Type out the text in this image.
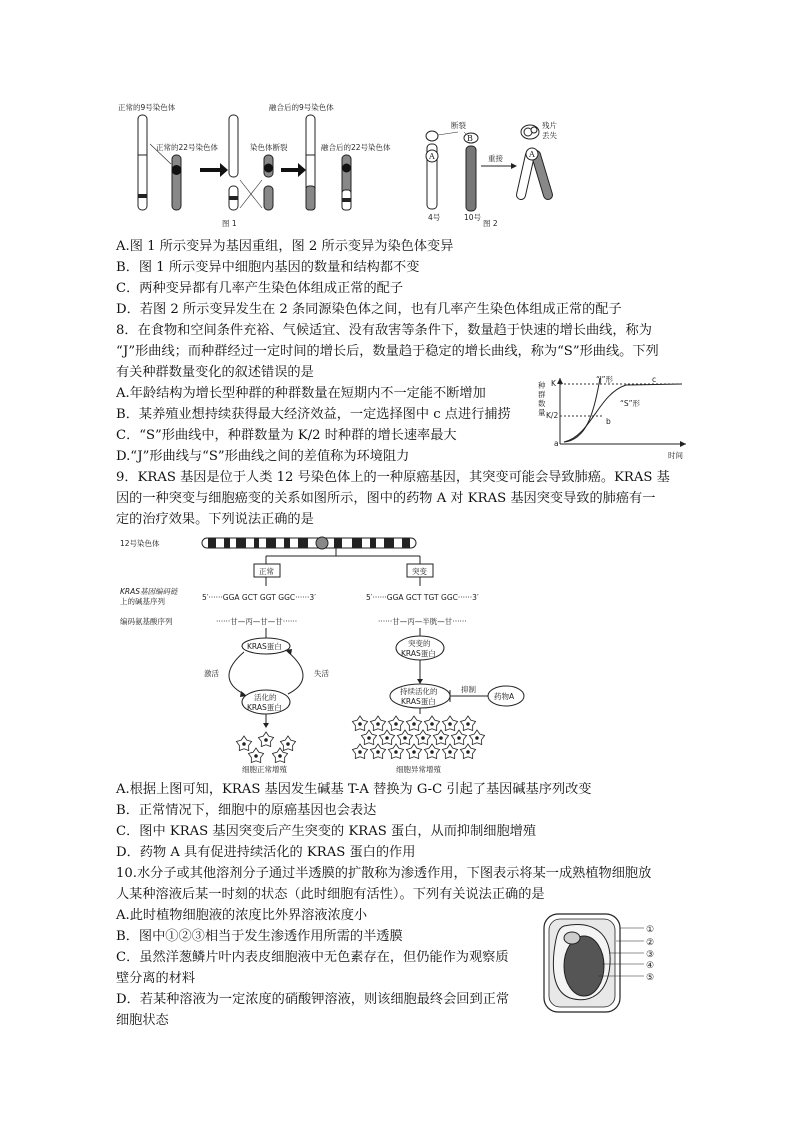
正常的9号染色体
正常的22号染色体	染色体断裂
融合后的9号染色体
融合后的22号染色体
图 1
断裂
A
B
重接
残片
丢失
A
4号	10号
图 2
A.图 1 所示变异为基因重组，图 2 所示变异为染色体变异
B．图 1 所示变异中细胞内基因的数量和结构都不变
C．两种变异都有几率产生染色体组成正常的配子
D．若图 2 所示变异发生在 2 条同源染色体之间，也有几率产生染色体组成正常的配子
8．在食物和空间条件充裕、气候适宜、没有敌害等条件下，数量趋于快速的增长曲线，称为
“J”形曲线；而种群经过一定时间的增长后，数量趋于稳定的增长曲线，称为“S”形曲线。下列
有关种群数量变化的叙述错误的是
A.年龄结构为增长型种群的种群数量在短期内不一定能不断增加
B．某养殖业想持续获得最大经济效益，一定选择图中 c 点进行捕捞
C．“S”形曲线中，种群数量为 K/2 时种群的增长速率最大
D.“J”形曲线与“S”形曲线之间的差值称为环境阻力
种
群
数
量
K
K/2
“J”形
“S”形
a
b
c
时间
9．KRAS 基因是位于人类 12 号染色体上的一种原癌基因，其突变可能会导致肺癌。KRAS 基
因的一种突变与细胞癌变的关系如图所示，图中的药物 A 对 KRAS 基因突变导致的肺癌有一
定的治疗效果。下列说法正确的是
12号染色体
正常	突变
KRAS基因编码链
上的碱基序列	5′······GGA GCT GGT GGC······3′	5′······GGA GCT TGT GGC······3′
编码氨基酸序列	······甘—丙—甘—甘······	······甘—丙—半胱—甘······
KRAS蛋白
激活	失活
活化的
KRAS蛋白
突变的
KRAS蛋白
持续活化的
KRAS蛋白
抑制
药物A
细胞正常增殖	细胞异常增殖
A.根据上图可知，KRAS 基因发生碱基 T-A 替换为 G-C 引起了基因碱基序列改变
B．正常情况下，细胞中的原癌基因也会表达
C．图中 KRAS 基因突变后产生突变的 KRAS 蛋白，从而抑制细胞增殖
D．药物 A 具有促进持续活化的 KRAS 蛋白的作用
10.水分子或其他溶剂分子通过半透膜的扩散称为渗透作用，下图表示将某一成熟植物细胞放
人某种溶液后某一时刻的状态（此时细胞有活性）。下列有关说法正确的是
A.此时植物细胞液的浓度比外界溶液浓度小
B．图中①②③相当于发生渗透作用所需的半透膜
C．虽然洋葱鳞片叶内表皮细胞液中无色素存在，但仍能作为观察质
壁分离的材料
D．若某种溶液为一定浓度的硝酸钾溶液，则该细胞最终会回到正常
细胞状态
①
②
③
④
⑤
